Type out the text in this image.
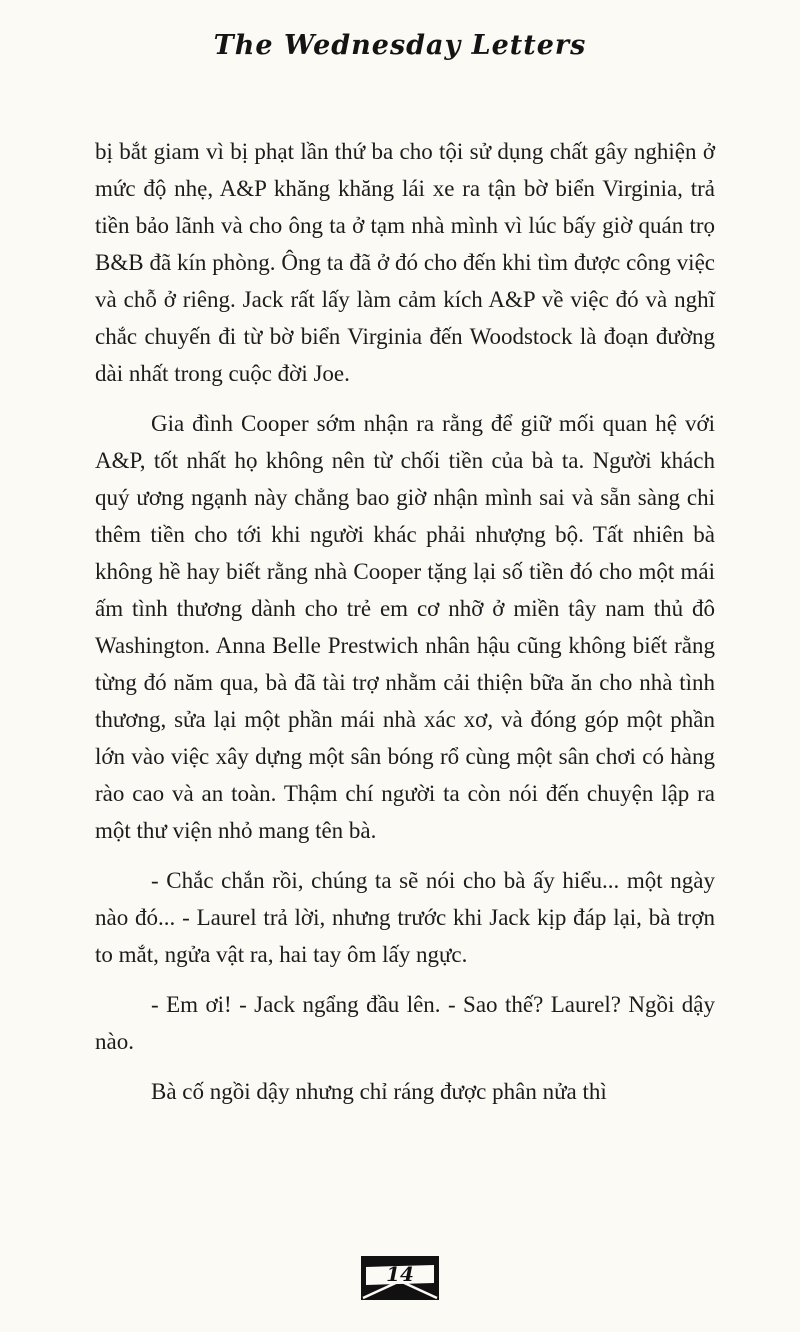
The Wednesday Letters

bị bắt giam vì bị phạt lần thứ ba cho tội sử dụng chất gây nghiện ở mức độ nhẹ, A&P khăng khăng lái xe ra tận bờ biển Virginia, trả tiền bảo lãnh và cho ông ta ở tạm nhà mình vì lúc bấy giờ quán trọ B&B đã kín phòng. Ông ta đã ở đó cho đến khi tìm được công việc và chỗ ở riêng. Jack rất lấy làm cảm kích A&P về việc đó và nghĩ chắc chuyến đi từ bờ biển Virginia đến Woodstock là đoạn đường dài nhất trong cuộc đời Joe.

Gia đình Cooper sớm nhận ra rằng để giữ mối quan hệ với A&P, tốt nhất họ không nên từ chối tiền của bà ta. Người khách quý ương ngạnh này chẳng bao giờ nhận mình sai và sẵn sàng chi thêm tiền cho tới khi người khác phải nhượng bộ. Tất nhiên bà không hề hay biết rằng nhà Cooper tặng lại số tiền đó cho một mái ấm tình thương dành cho trẻ em cơ nhỡ ở miền tây nam thủ đô Washington. Anna Belle Prestwich nhân hậu cũng không biết rằng từng đó năm qua, bà đã tài trợ nhằm cải thiện bữa ăn cho nhà tình thương, sửa lại một phần mái nhà xác xơ, và đóng góp một phần lớn vào việc xây dựng một sân bóng rổ cùng một sân chơi có hàng rào cao và an toàn. Thậm chí người ta còn nói đến chuyện lập ra một thư viện nhỏ mang tên bà.

- Chắc chắn rồi, chúng ta sẽ nói cho bà ấy hiểu... một ngày nào đó... - Laurel trả lời, nhưng trước khi Jack kịp đáp lại, bà trợn to mắt, ngửa vật ra, hai tay ôm lấy ngực.

- Em ơi! - Jack ngẩng đầu lên. - Sao thế? Laurel? Ngồi dậy nào.

Bà cố ngồi dậy nhưng chỉ ráng được phân nửa thì

14
